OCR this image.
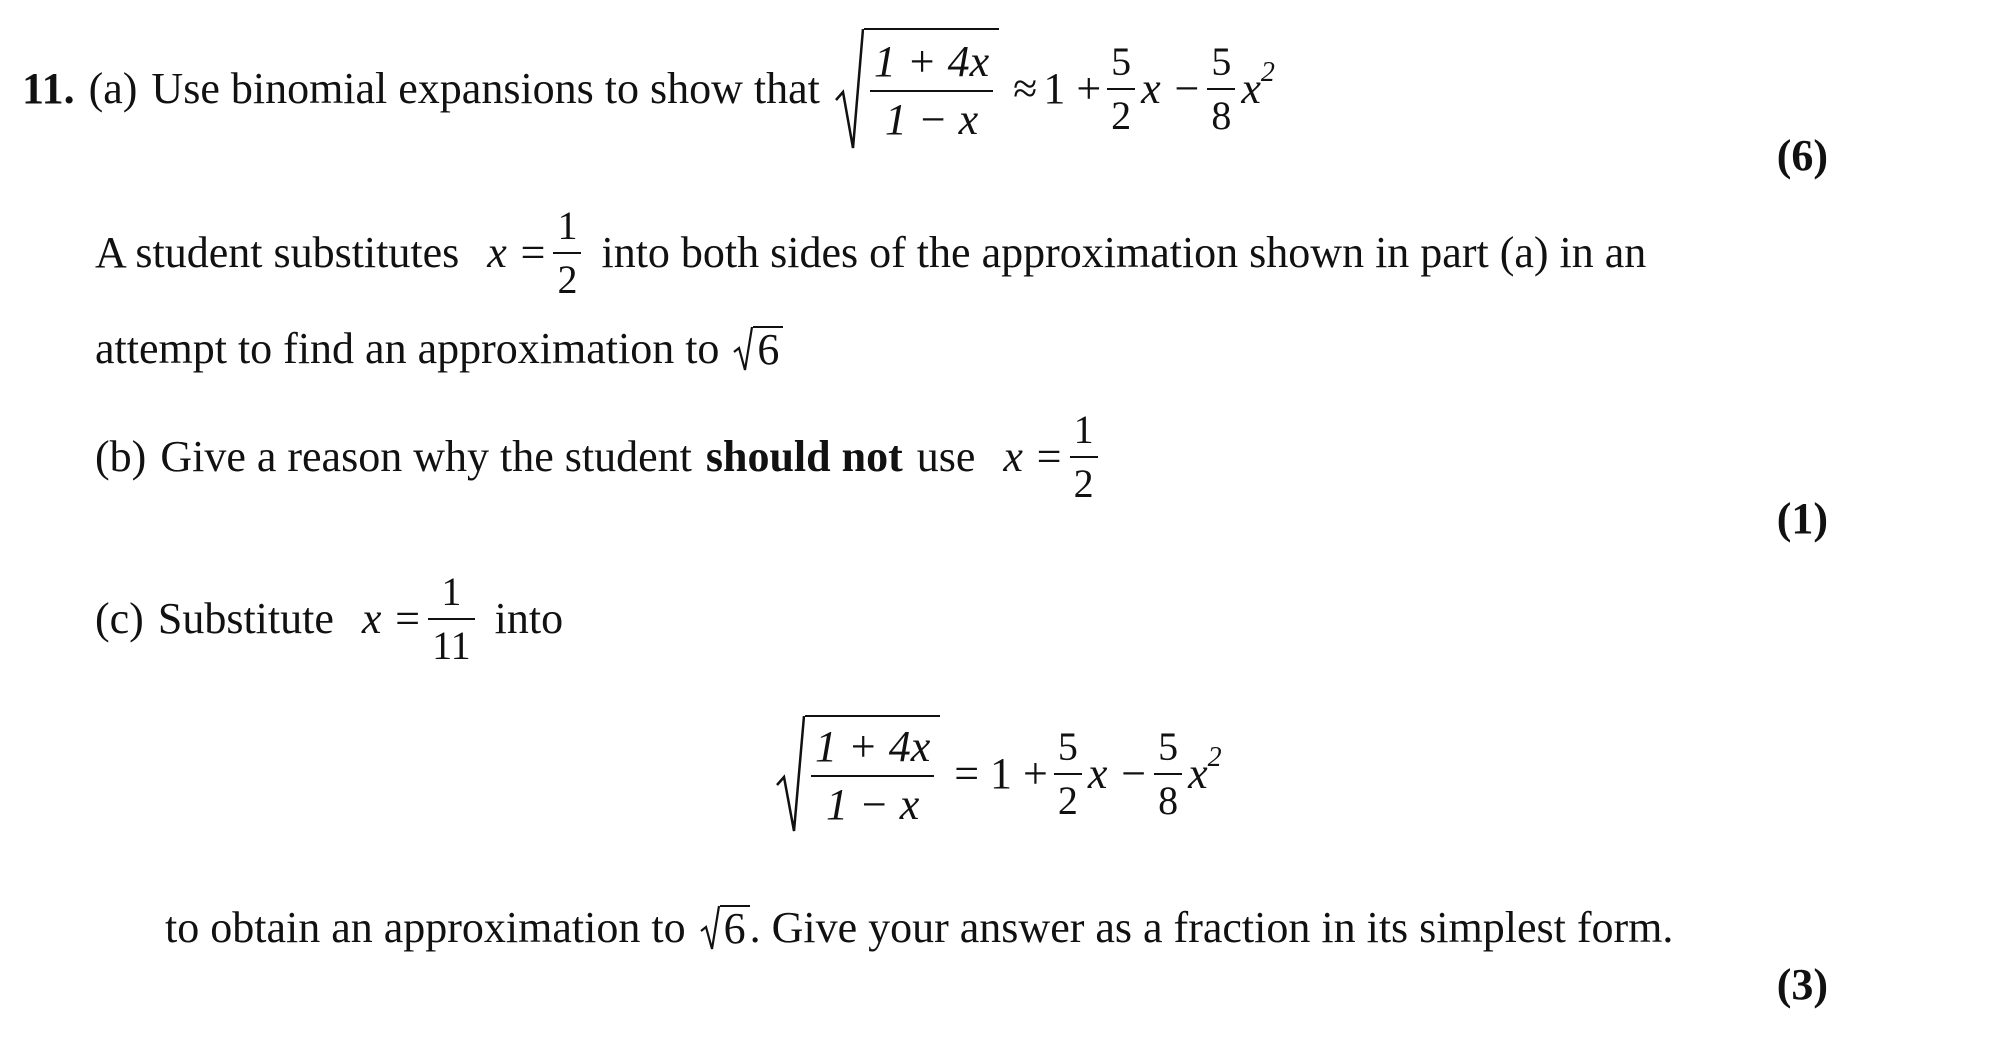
11. (a) Use binomial expansions to show that $\frac{1 + 4x}{1 - x} \approx 1 + \frac{5}{2}$ $x - \frac{5}{8} x^2$
(6)
A student substitutes $x = \frac{1}{2}$ into both sides of the approximation shown in part (a) in an
attempt to find an approximation to 6
(b) Give a reason why the student should not use $x = \frac{1}{2}$
(1)
(c) Substitute $x = \frac{1}{11}$ into
$\frac{1 + 4x}{1 - x} = 1 + \frac{5}{2}$ $x - \frac{5}{8} x^2$
to obtain an approximation to 6 . Give your answer as a fraction in its simplest form.
(3)
